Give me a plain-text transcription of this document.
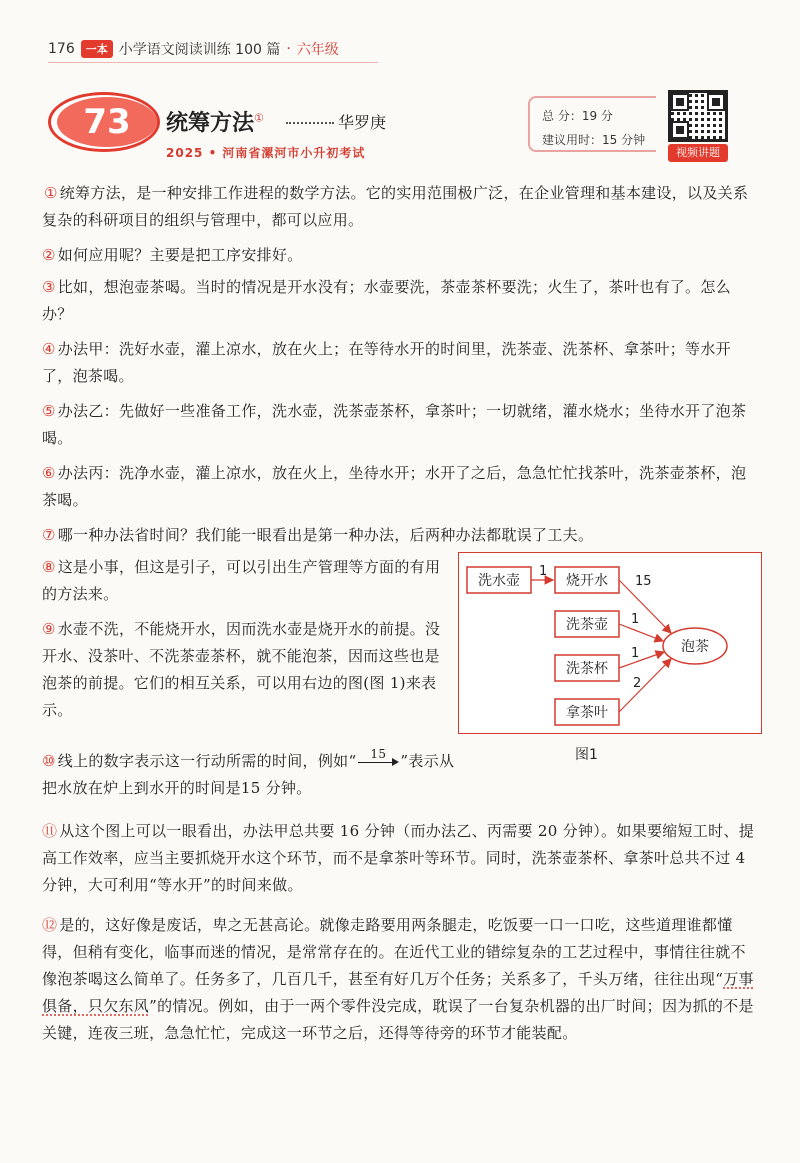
176	一本 小学语文阅读训练 100 篇 · 六年级
73	统筹方法①	华罗庚
2025 • 河南省漯河市小升初考试
总 分：19 分
建议用时：15 分钟
视频讲题
① 统筹方法，是一种安排工作进程的数学方法。它的实用范围极广泛，在企业管理和基本建设，以及关系复杂的科研项目的组织与管理中，都可以应用。
② 如何应用呢？主要是把工序安排好。
③ 比如，想泡壶茶喝。当时的情况是开水没有；水壶要洗，茶壶茶杯要洗；火生了，茶叶也有了。怎么办？
④ 办法甲：洗好水壶，灌上凉水，放在火上；在等待水开的时间里，洗茶壶、洗茶杯、拿茶叶；等水开了，泡茶喝。
⑤ 办法乙：先做好一些准备工作，洗水壶，洗茶壶茶杯，拿茶叶；一切就绪，灌水烧水；坐待水开了泡茶喝。
⑥ 办法丙：洗净水壶，灌上凉水，放在火上，坐待水开；水开了之后，急急忙忙找茶叶，洗茶壶茶杯，泡茶喝。
⑦ 哪一种办法省时间？我们能一眼看出是第一种办法，后两种办法都耽误了工夫。
⑧ 这是小事，但这是引子，可以引出生产管理等方面的有用的方法来。
⑨ 水壶不洗，不能烧开水，因而洗水壶是烧开水的前提。没开水、没茶叶、不洗茶壶茶杯，就不能泡茶，因而这些也是泡茶的前提。它们的相互关系，可以用右边的图(图 1)来表示。
⑩ 线上的数字表示这一行动所需的时间，例如“ 15 ”表示从把水放在炉上到水开的时间是15 分钟。
⑪ 从这个图上可以一眼看出，办法甲总共要 16 分钟（而办法乙、丙需要 20 分钟）。如果要缩短工时、提高工作效率，应当主要抓烧开水这个环节，而不是拿茶叶等环节。同时，洗茶壶茶杯、拿茶叶总共不过 4 分钟，大可利用“等水开”的时间来做。
⑫ 是的，这好像是废话，卑之无甚高论。就像走路要用两条腿走，吃饭要一口一口吃，这些道理谁都懂得，但稍有变化，临事而迷的情况，是常常存在的。在近代工业的错综复杂的工艺过程中，事情往往就不像泡茶喝这么简单了。任务多了，几百几千，甚至有好几万个任务；关系多了，千头万绪，往往出现“万事俱备，只欠东风”的情况。例如，由于一两个零件没完成，耽误了一台复杂机器的出厂时间；因为抓的不是关键，连夜三班，急急忙忙，完成这一环节之后，还得等待旁的环节才能装配。
洗水壶	烧开水
洗茶壶
洗茶杯
拿茶叶
泡茶
1
15
1
1
2
图1
